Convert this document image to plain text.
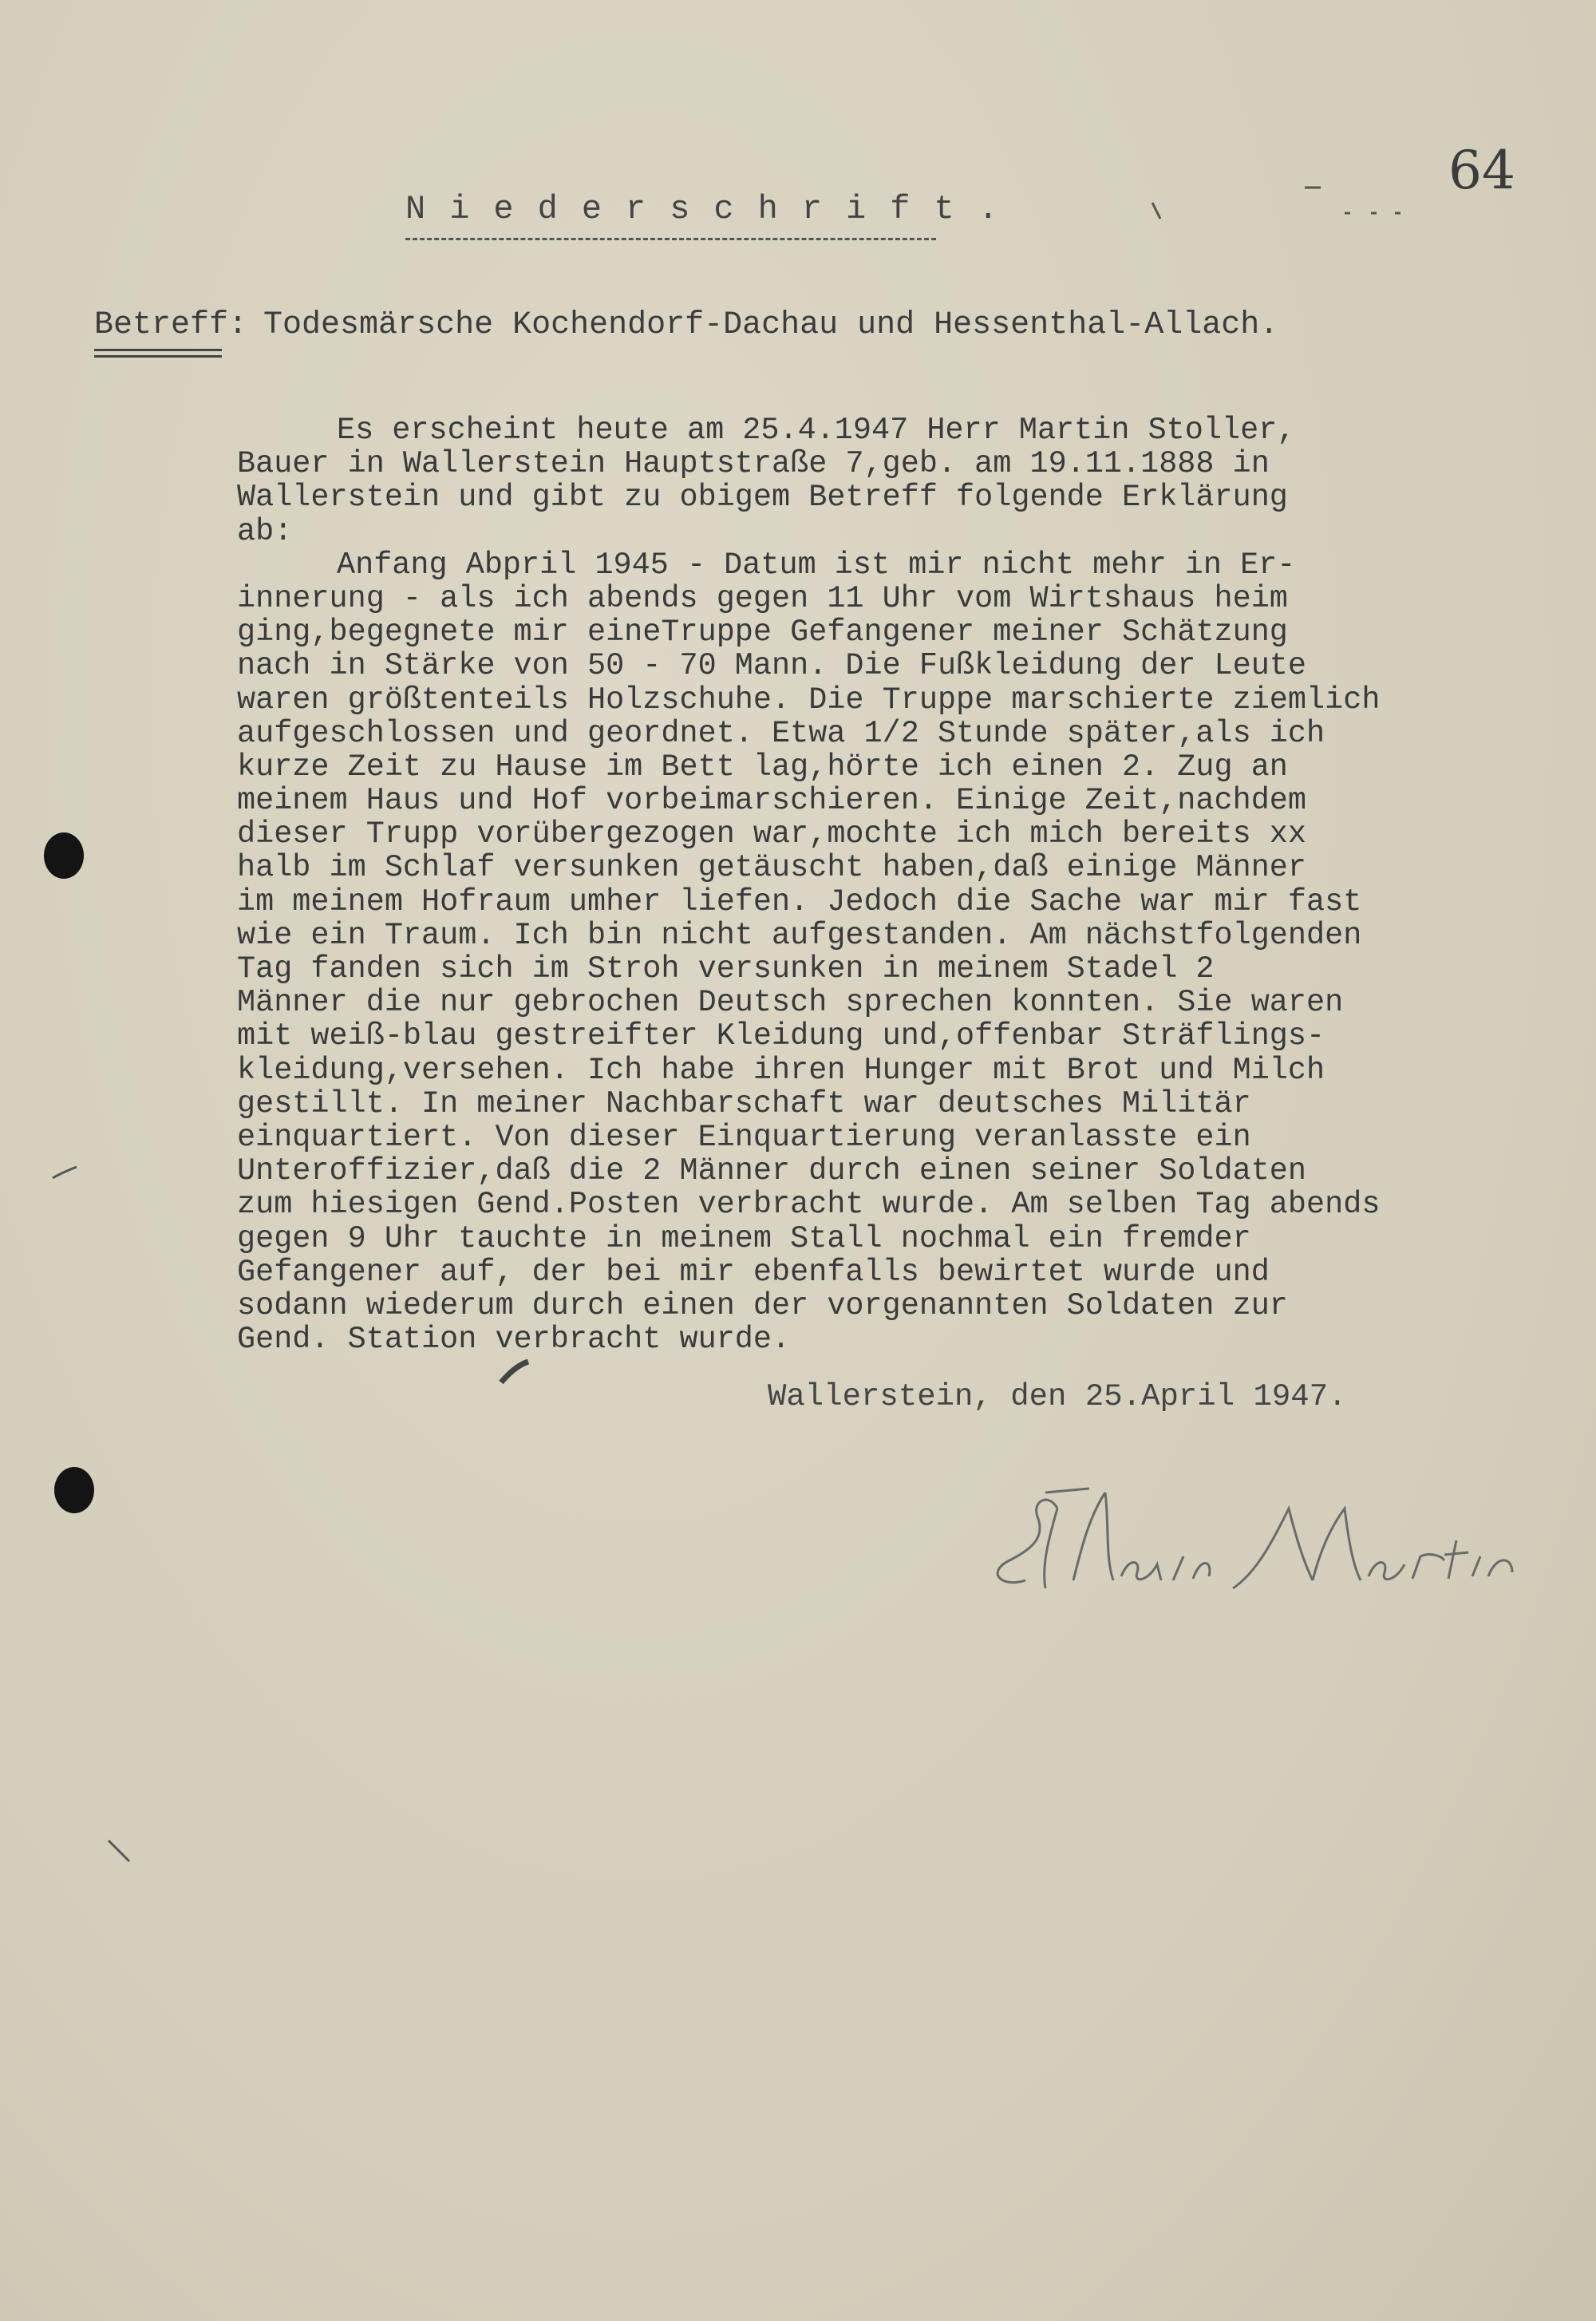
64
Niederschrift.
Betreff: Todesmärsche Kochendorf-Dachau und Hessenthal-Allach.
Es erscheint heute am 25.4.1947 Herr Martin Stoller,
Bauer in Wallerstein Hauptstraße 7,geb. am 19.11.1888 in
Wallerstein und gibt zu obigem Betreff folgende Erklärung
ab:
Anfang Abpril 1945 - Datum ist mir nicht mehr in Er-
innerung - als ich abends gegen 11 Uhr vom Wirtshaus heim
ging,begegnete mir eineTruppe Gefangener meiner Schätzung
nach in Stärke von 50 - 70 Mann. Die Fußkleidung der Leute
waren größtenteils Holzschuhe. Die Truppe marschierte ziemlich
aufgeschlossen und geordnet. Etwa 1/2 Stunde später,als ich
kurze Zeit zu Hause im Bett lag,hörte ich einen 2. Zug an
meinem Haus und Hof vorbeimarschieren. Einige Zeit,nachdem
dieser Trupp vorübergezogen war,mochte ich mich bereits xx
halb im Schlaf versunken getäuscht haben,daß einige Männer
im meinem Hofraum umher liefen. Jedoch die Sache war mir fast
wie ein Traum. Ich bin nicht aufgestanden. Am nächstfolgenden
Tag fanden sich im Stroh versunken in meinem Stadel 2
Männer die nur gebrochen Deutsch sprechen konnten. Sie waren
mit weiß-blau gestreifter Kleidung und,offenbar Sträflings-
kleidung,versehen. Ich habe ihren Hunger mit Brot und Milch
gestillt. In meiner Nachbarschaft war deutsches Militär
einquartiert. Von dieser Einquartierung veranlasste ein
Unteroffizier,daß die 2 Männer durch einen seiner Soldaten
zum hiesigen Gend.Posten verbracht wurde. Am selben Tag abends
gegen 9 Uhr tauchte in meinem Stall nochmal ein fremder
Gefangener auf, der bei mir ebenfalls bewirtet wurde und
sodann wiederum durch einen der vorgenannten Soldaten zur
Gend. Station verbracht wurde.
Wallerstein, den 25.April 1947.
